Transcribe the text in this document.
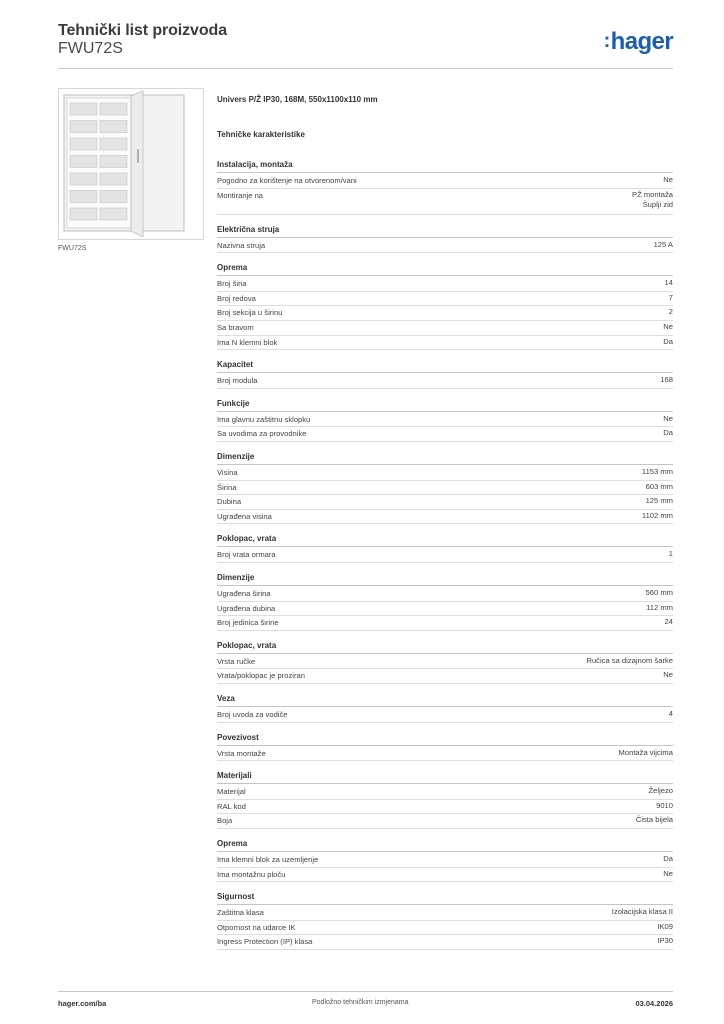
Tehnički list proizvoda
FWU72S	:hager
FWU72S
Univers P/Ž IP30, 168M, 550x1100x110 mm
Tehničke karakteristike
Instalacija, montaža
Pogodno za korištenje na otvorenom/vani	Ne
Montiranje na	PŽ montaža
Šuplji zid
Električna struja
Nazivna struja	125 A
Oprema
Broj šina	14
Broj redova	7
Broj sekcija u širinu	2
Sa bravom	Ne
Ima N klemni blok	Da
Kapacitet
Broj modula	168
Funkcije
Ima glavnu zaštitnu sklopku	Ne
Sa uvodima za provodnike	Da
Dimenzije
Visina	1153 mm
Širina	603 mm
Dubina	125 mm
Ugrađena visina	1102 mm
Poklopac, vrata
Broj vrata ormara	1
Dimenzije
Ugrađena širina	560 mm
Ugrađena dubina	112 mm
Broj jedinica širine	24
Poklopac, vrata
Vrsta ručke	Ručica sa dizajnom šarke
Vrata/poklopac je proziran	Ne
Veza
Broj uvoda za vodiče	4
Povezivost
Vrsta montaže	Montaža vijcima
Materijali
Materijal	Željezo
RAL kod	9010
Boja	Čista bijela
Oprema
Ima klemni blok za uzemljenje	Da
Ima montažnu ploču	Ne
Sigurnost
Zaštitna klasa	Izolacijska klasa II
Otpornost na udarce IK	IK09
Ingress Protection (IP) klasa	IP30
hager.com/ba	Podložno tehničkim izmjenama	03.04.2026
